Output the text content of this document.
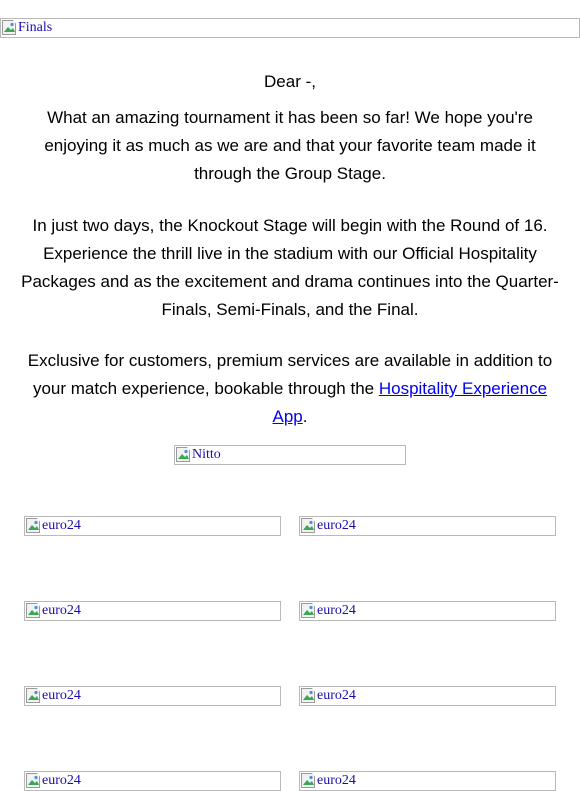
Finals

Dear -,

What an amazing tournament it has been so far! We hope you're enjoying it as much as we are and that your favorite team made it through the Group Stage.

In just two days, the Knockout Stage will begin with the Round of 16. Experience the thrill live in the stadium with our Official Hospitality Packages and as the excitement and drama continues into the Quarter-Finals, Semi-Finals, and the Final.

Exclusive for customers, premium services are available in addition to your match experience, bookable through the Hospitality Experience App.

Nitto
euro24	euro24
euro24	euro24
euro24	euro24
euro24	euro24
